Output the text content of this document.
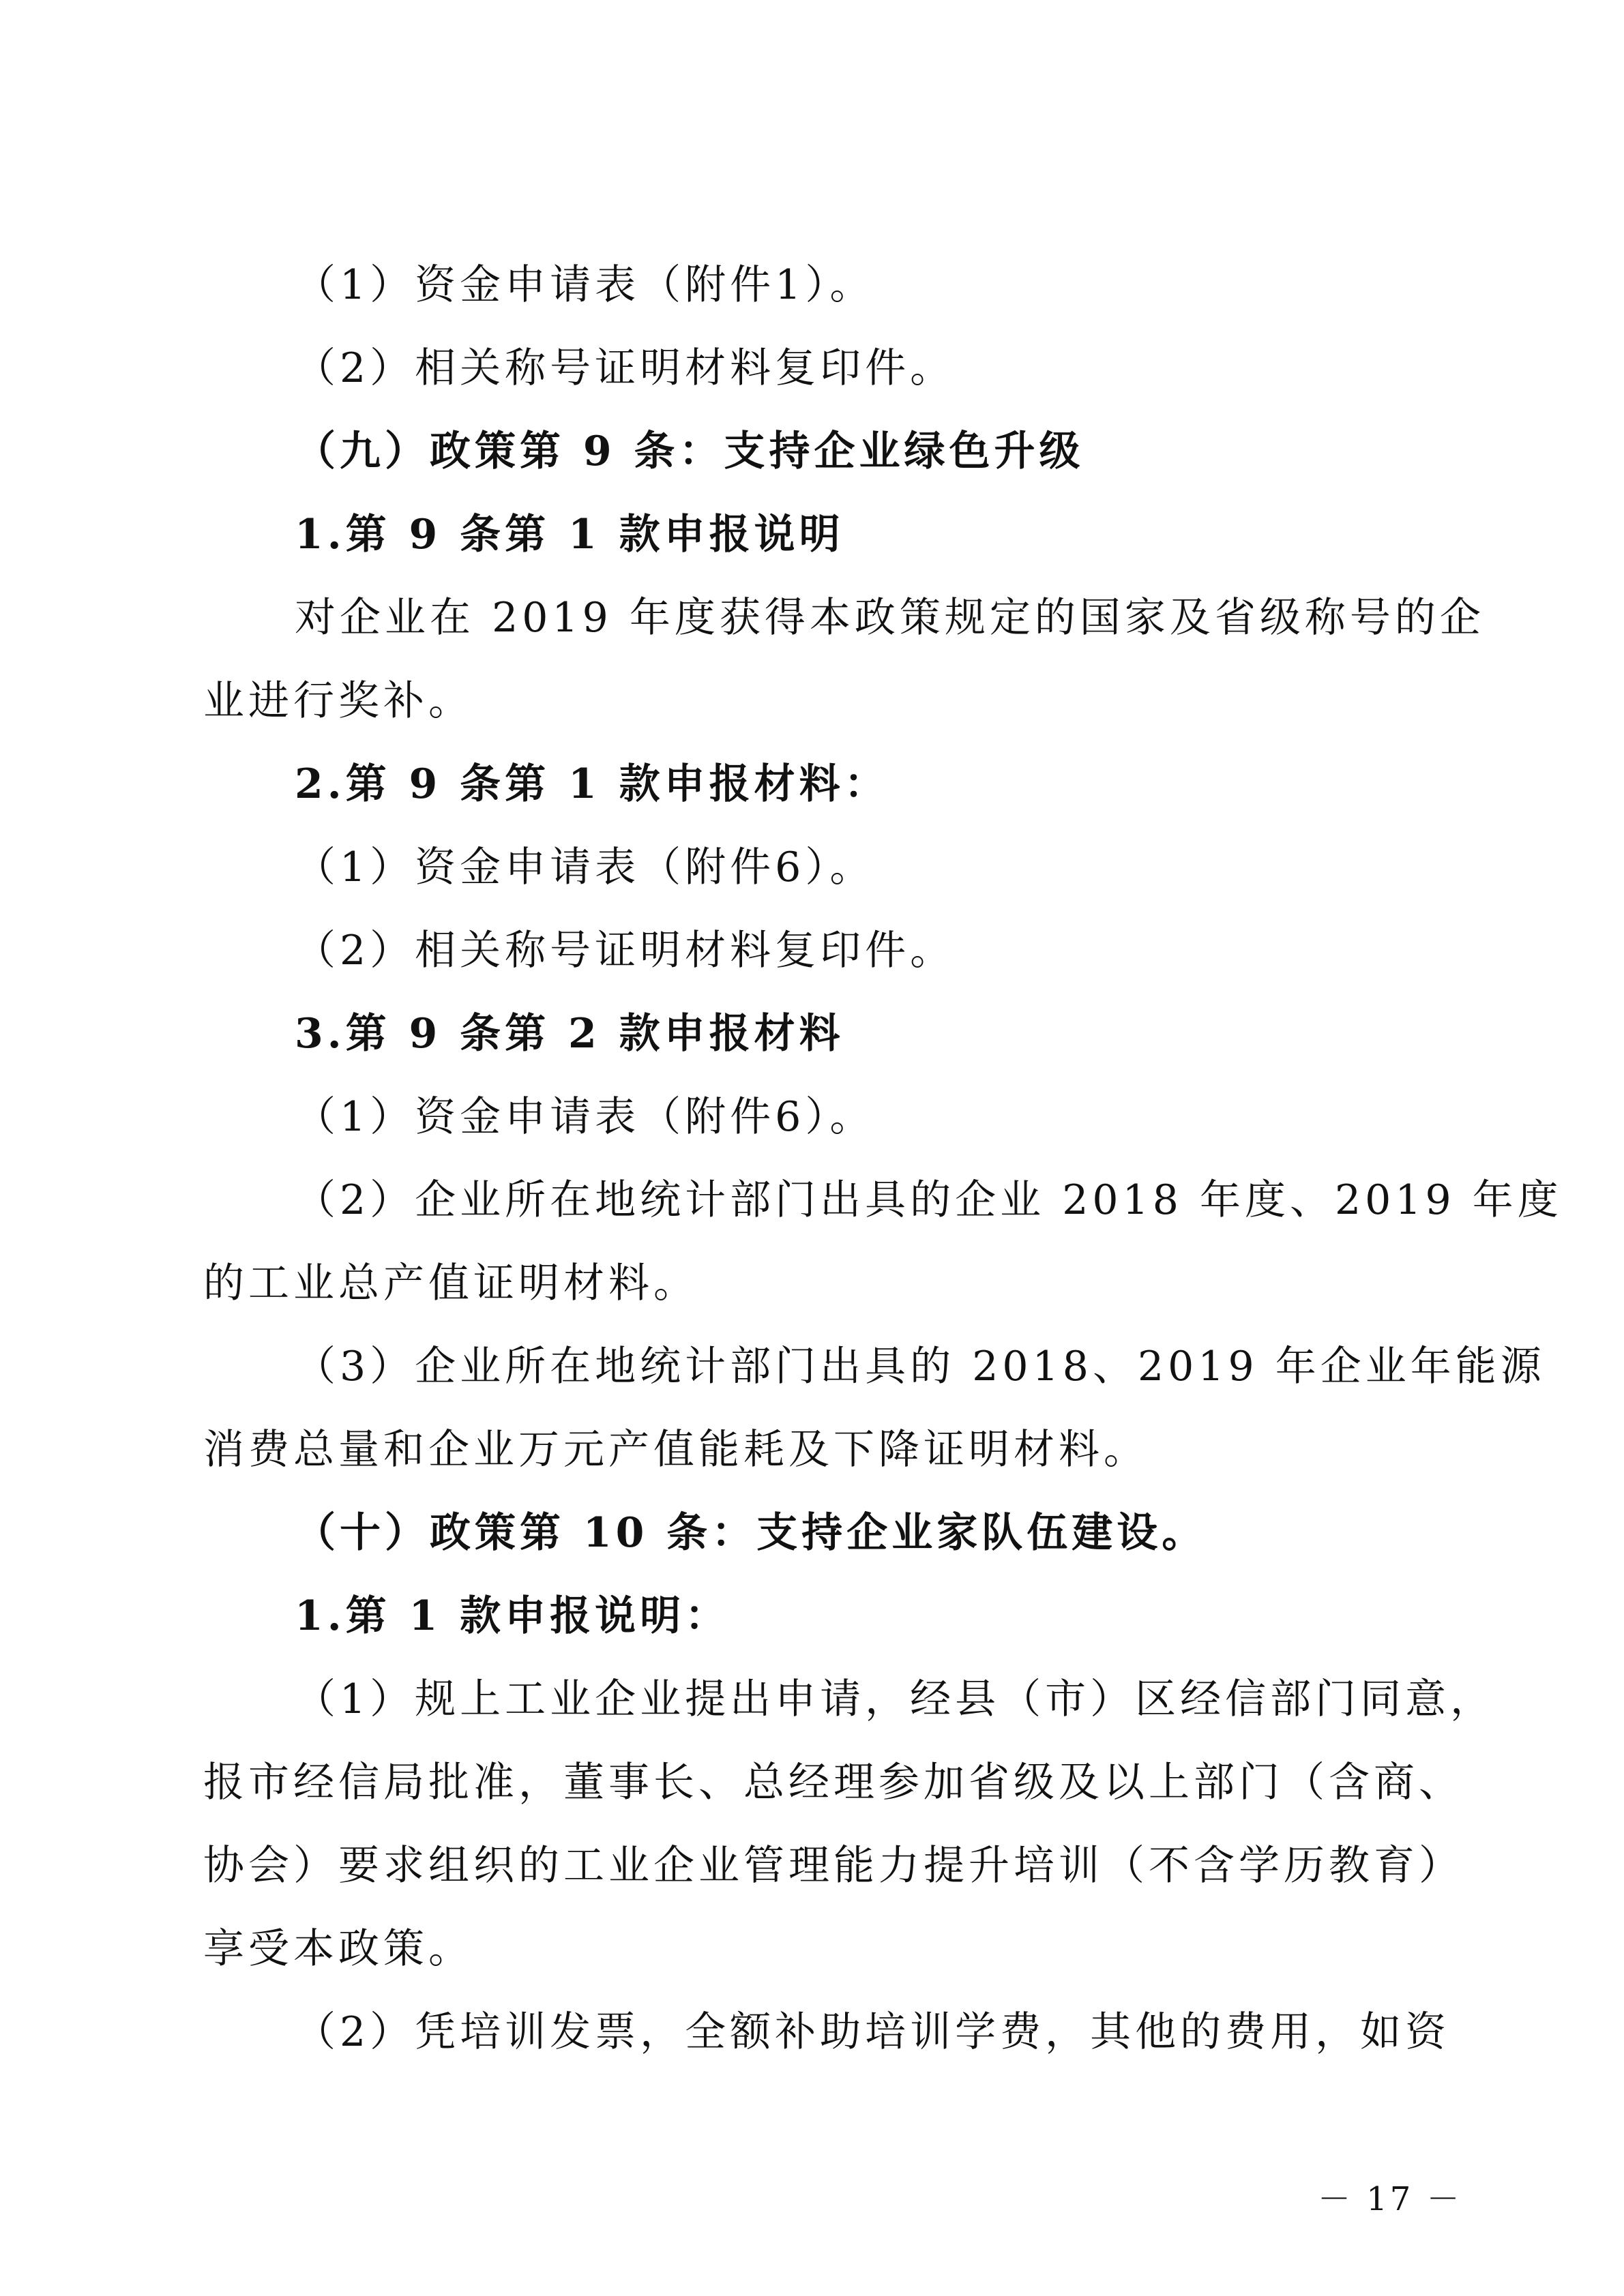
（1）资金申请表（附件1）。
（2）相关称号证明材料复印件。
（九）政策第 9 条：支持企业绿色升级
1.第 9 条第 1 款申报说明
对企业在 2019 年度获得本政策规定的国家及省级称号的企
业进行奖补。
2.第 9 条第 1 款申报材料：
（1）资金申请表（附件6）。
（2）相关称号证明材料复印件。
3.第 9 条第 2 款申报材料
（1）资金申请表（附件6）。
（2）企业所在地统计部门出具的企业 2018 年度、2019 年度
的工业总产值证明材料。
（3）企业所在地统计部门出具的 2018、2019 年企业年能源
消费总量和企业万元产值能耗及下降证明材料。
（十）政策第 10 条：支持企业家队伍建设。
1.第 1 款申报说明：
（1）规上工业企业提出申请，经县（市）区经信部门同意，
报市经信局批准，董事长、总经理参加省级及以上部门（含商、
协会）要求组织的工业企业管理能力提升培训（不含学历教育）
享受本政策。
（2）凭培训发票，全额补助培训学费，其他的费用，如资
－ 17 －
